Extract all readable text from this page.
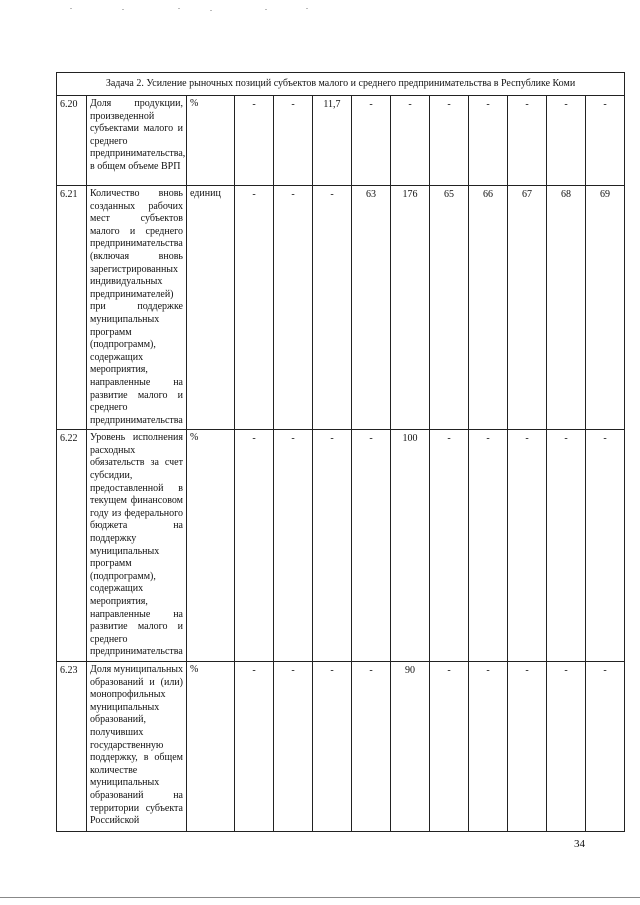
Задача 2. Усиление рыночных позиций субъектов малого и среднего предпринимательства в Республике Коми												
6.20	Доля продукции, произведенной субъектами малого и среднего предпринимательства, в общем объеме ВРП	%	-	-	11,7	-	-	-	-	-	-	-
6.21	Количество вновь созданных рабочих мест субъектов малого и среднего предпринимательства (включая вновь зарегистрированных индивидуальных предпринимателей) при поддержке муниципальных программ (подпрограмм), содержащих мероприятия, направленные на развитие малого и среднего предпринимательства	единиц	-	-	-	63	176	65	66	67	68	69
6.22	Уровень исполнения расходных обязательств за счет субсидии, предоставленной в текущем финансовом году из федерального бюджета на поддержку муниципальных программ (подпрограмм), содержащих мероприятия, направленные на развитие малого и среднего предпринимательства	%	-	-	-	-	100	-	-	-	-	-
6.23	Доля муниципальных образований и (или) монопрофильных муниципальных образований, получивших государственную поддержку, в общем количестве муниципальных образований на территории субъекта Российской	%	-	-	-	-	90	-	-	-	-	-
34
